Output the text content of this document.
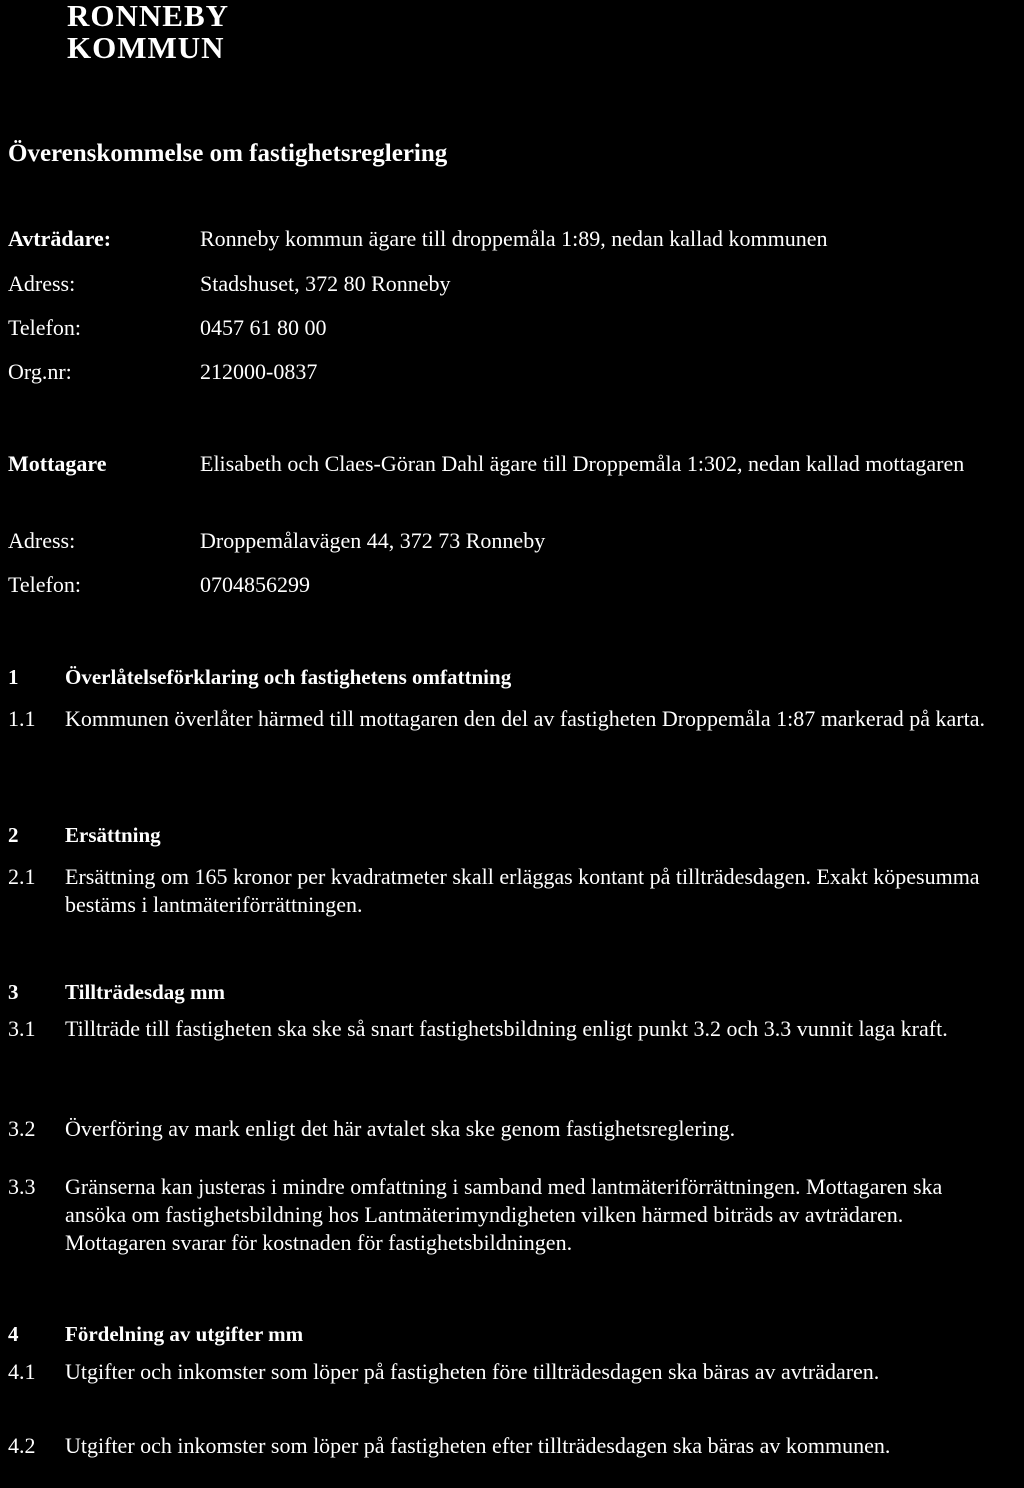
RONNEBY
KOMMUN
Överenskommelse om fastighetsreglering
Avträdare:	Ronneby kommun ägare till droppemåla 1:89, nedan kallad kommunen
Adress:	Stadshuset, 372 80 Ronneby
Telefon:	0457 61 80 00
Org.nr:	212000-0837
Mottagare	Elisabeth och Claes-Göran Dahl ägare till Droppemåla 1:302, nedan kallad mottagaren
Adress:	Droppemålavägen 44, 372 73 Ronneby
Telefon:	0704856299
1 Överlåtelseförklaring och fastighetens omfattning
1.1 Kommunen överlåter härmed till mottagaren den del av fastigheten Droppemåla 1:87 markerad på karta.
2 Ersättning
2.1 Ersättning om 165 kronor per kvadratmeter skall erläggas kontant på tillträdesdagen. Exakt köpesumma bestäms i lantmäteriförrättningen.
3 Tillträdesdag mm
3.1 Tillträde till fastigheten ska ske så snart fastighetsbildning enligt punkt 3.2 och 3.3 vunnit laga kraft.
3.2 Överföring av mark enligt det här avtalet ska ske genom fastighetsreglering.
3.3 Gränserna kan justeras i mindre omfattning i samband med lantmäteriförrättningen. Mottagaren ska ansöka om fastighetsbildning hos Lantmäterimyndigheten vilken härmed biträds av avträdaren. Mottagaren svarar för kostnaden för fastighetsbildningen.
4 Fördelning av utgifter mm
4.1 Utgifter och inkomster som löper på fastigheten före tillträdesdagen ska bäras av avträdaren.
4.2 Utgifter och inkomster som löper på fastigheten efter tillträdesdagen ska bäras av kommunen.
